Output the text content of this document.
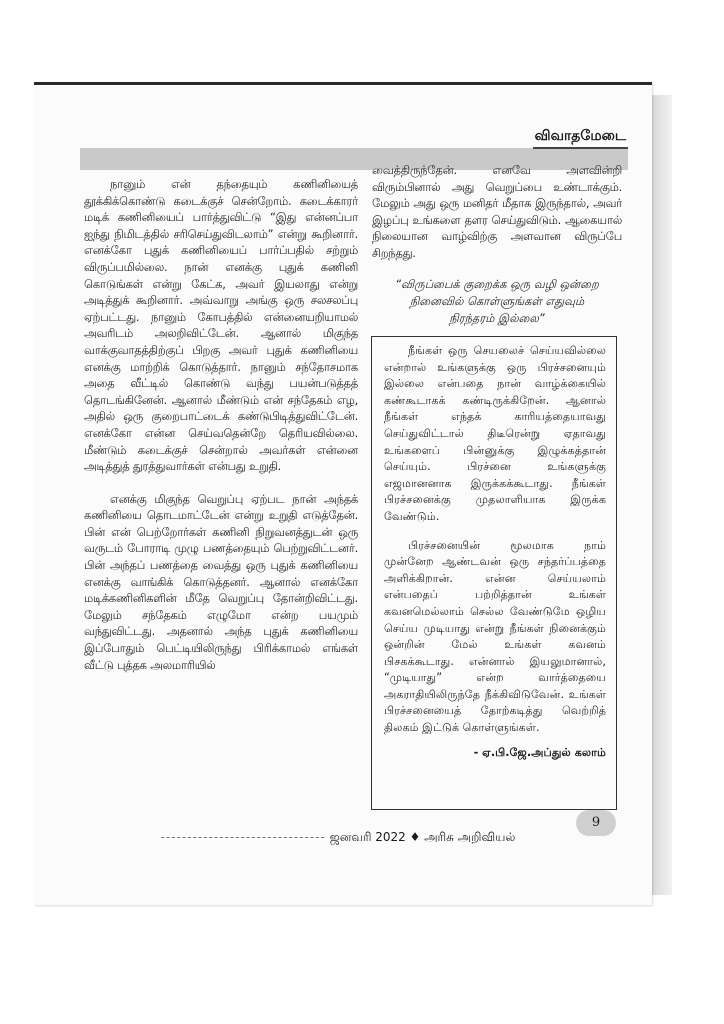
விவாதமேடை

நானும் என் தந்தையும் கணினியைத் தூக்கிக்கொண்டு கடைக்குச் சென்றோம். கடைக்காரர் மடிக் கணினியைப் பார்த்துவிட்டு “இது என்னப்பா ஐந்து நிமிடத்தில் சரிசெய்துவிடலாம்” என்று கூறினார். எனக்கோ புதுக் கணினியைப் பார்ப்பதில் சற்றும் விருப்பமில்லை. நான் எனக்கு புதுக் கணினி கொடுங்கள் என்று கேட்க, அவர் இயலாது என்று அடித்துக் கூறினார். அவ்வாறு அங்கு ஒரு சலசலப்பு ஏற்பட்டது. நானும் கோபத்தில் என்னையறியாமல் அவரிடம் அலறிவிட்டேன். ஆனால் மிகுந்த வாக்குவாதத்திற்குப் பிறகு அவர் புதுக் கணினியை எனக்கு மாற்றிக் கொடுத்தார். நானும் சந்தோசமாக அதை வீட்டில் கொண்டு வந்து பயன்படுத்தத் தொடங்கினேன். ஆனால் மீண்டும் என் சந்தேகம் எழ, அதில் ஒரு குறைபாட்டைக் கண்டுபிடித்துவிட்டேன். எனக்கோ என்ன செய்வதென்றே தெரியவில்லை. மீண்டும் கடைக்குச் சென்றால் அவர்கள் என்னை அடித்துத் துரத்துவார்கள் என்பது உறுதி.

எனக்கு மிகுந்த வெறுப்பு ஏற்பட நான் அந்தக் கணினியை தொடமாட்டேன் என்று உறுதி எடுத்தேன். பின் என் பெற்றோர்கள் கணினி நிறுவனத்துடன் ஒரு வருடம் போராடி முழு பணத்தையும் பெற்றுவிட்டனர். பின் அந்தப் பணத்தை வைத்து ஒரு புதுக் கணினியை எனக்கு வாங்கிக் கொடுத்தனர். ஆனால் எனக்கோ மடிக்கணினிகளின் மீதே வெறுப்பு தோன்றிவிட்டது. மேலும் சந்தேகம் எழுமோ என்ற பயமும் வந்துவிட்டது. அதனால் அந்த புதுக் கணினியை இப்போதும் பெட்டியிலிருந்து பிரிக்காமல் எங்கள் வீட்டு புத்தக அலமாரியில்

வைத்திருந்தேன். எனவே அளவின்றி விரும்பினால் அது வெறுப்பை உண்டாக்கும். மேலும் அது ஒரு மனிதர் மீதாக இருந்தால், அவர் இழப்பு உங்களை தளர செய்துவிடும். ஆகையால் நிலையான வாழ்விற்கு அளவான விருப்பே சிறந்தது.

“விருப்பைக் குறைக்க ஒரு வழி ஒன்றை நினைவில் கொள்ளுங்கள் எதுவும் நிரந்தரம் இல்லை”

நீங்கள் ஒரு செயலைச் செய்யவில்லை என்றால் உங்களுக்கு ஒரு பிரச்சனையும் இல்லை என்பதை நான் வாழ்க்கையில் கண்கூடாகக் கண்டிருக்கிறேன். ஆனால் நீங்கள் எந்தக் காரியத்தையாவது செய்துவிட்டால் திடீரென்று ஏதாவது உங்களைப் பின்னுக்கு இழுக்கத்தான் செய்யும். பிரச்னை உங்களுக்கு எஜமானனாக இருக்கக்கூடாது. நீங்கள் பிரச்சனைக்கு முதலாளியாக இருக்க வேண்டும்.

பிரச்சனையின் மூலமாக நாம் முன்னேற ஆண்டவன் ஒரு சந்தர்ப்பத்தை அளிக்கிறான். என்ன செய்யலாம் என்பதைப் பற்றித்தான் உங்கள் கவனமெல்லாம் செல்ல வேண்டுமே ஒழிய செய்ய முடியாது என்று நீங்கள் நினைக்கும் ஒன்றின் மேல் உங்கள் கவனம் பிசகக்கூடாது. என்னால் இயலுமானால், “முடியாது” என்ற வார்த்தையை அகராதியிலிருந்தே நீக்கிவிடுவேன். உங்கள் பிரச்சனையைத் தோற்கடித்து வெற்றித் திலகம் இட்டுக் கொள்ளுங்கள்.

- ஏ.பி.ஜே.அப்துல் கலாம்

------------------------------- ஜனவரி 2022 ♦ அரிசு அறிவியல்
9
